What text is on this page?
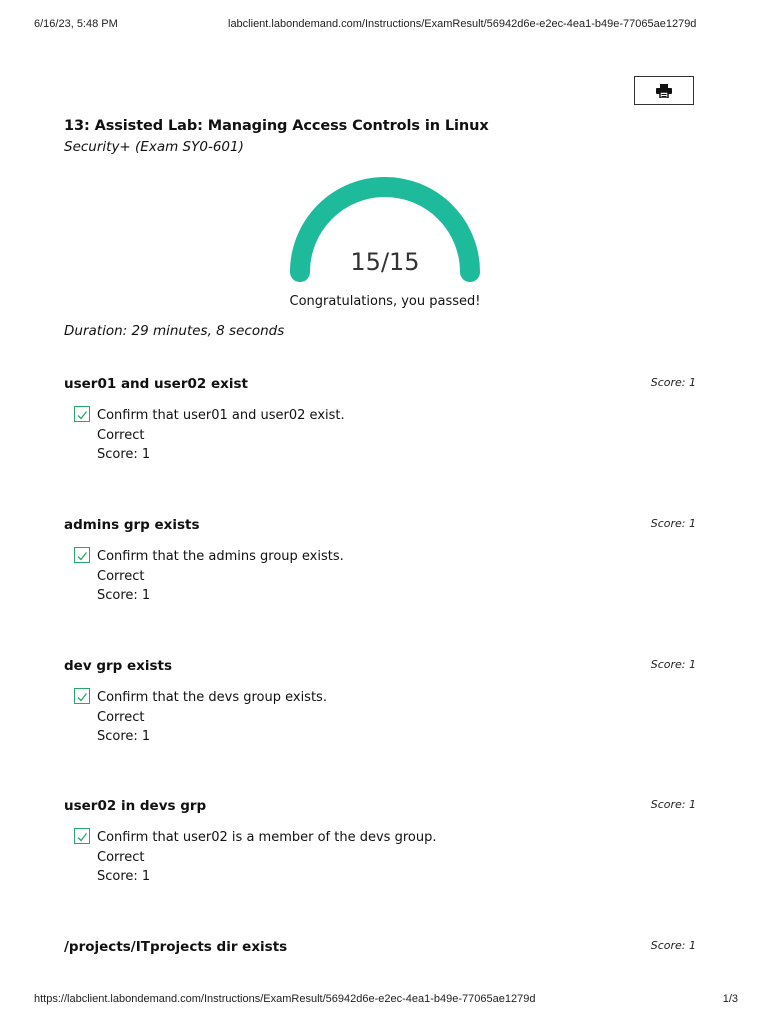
6/16/23, 5:48 PM	labclient.labondemand.com/Instructions/ExamResult/56942d6e-e2ec-4ea1-b49e-77065ae1279d
13: Assisted Lab: Managing Access Controls in Linux
Security+ (Exam SY0-601)
15/15
Congratulations, you passed!
Duration: 29 minutes, 8 seconds
user01 and user02 exist	Score: 1
Confirm that user01 and user02 exist.
Correct
Score: 1
admins grp exists	Score: 1
Confirm that the admins group exists.
Correct
Score: 1
dev grp exists	Score: 1
Confirm that the devs group exists.
Correct
Score: 1
user02 in devs grp	Score: 1
Confirm that user02 is a member of the devs group.
Correct
Score: 1
/projects/ITprojects dir exists	Score: 1
https://labclient.labondemand.com/Instructions/ExamResult/56942d6e-e2ec-4ea1-b49e-77065ae1279d	1/3
